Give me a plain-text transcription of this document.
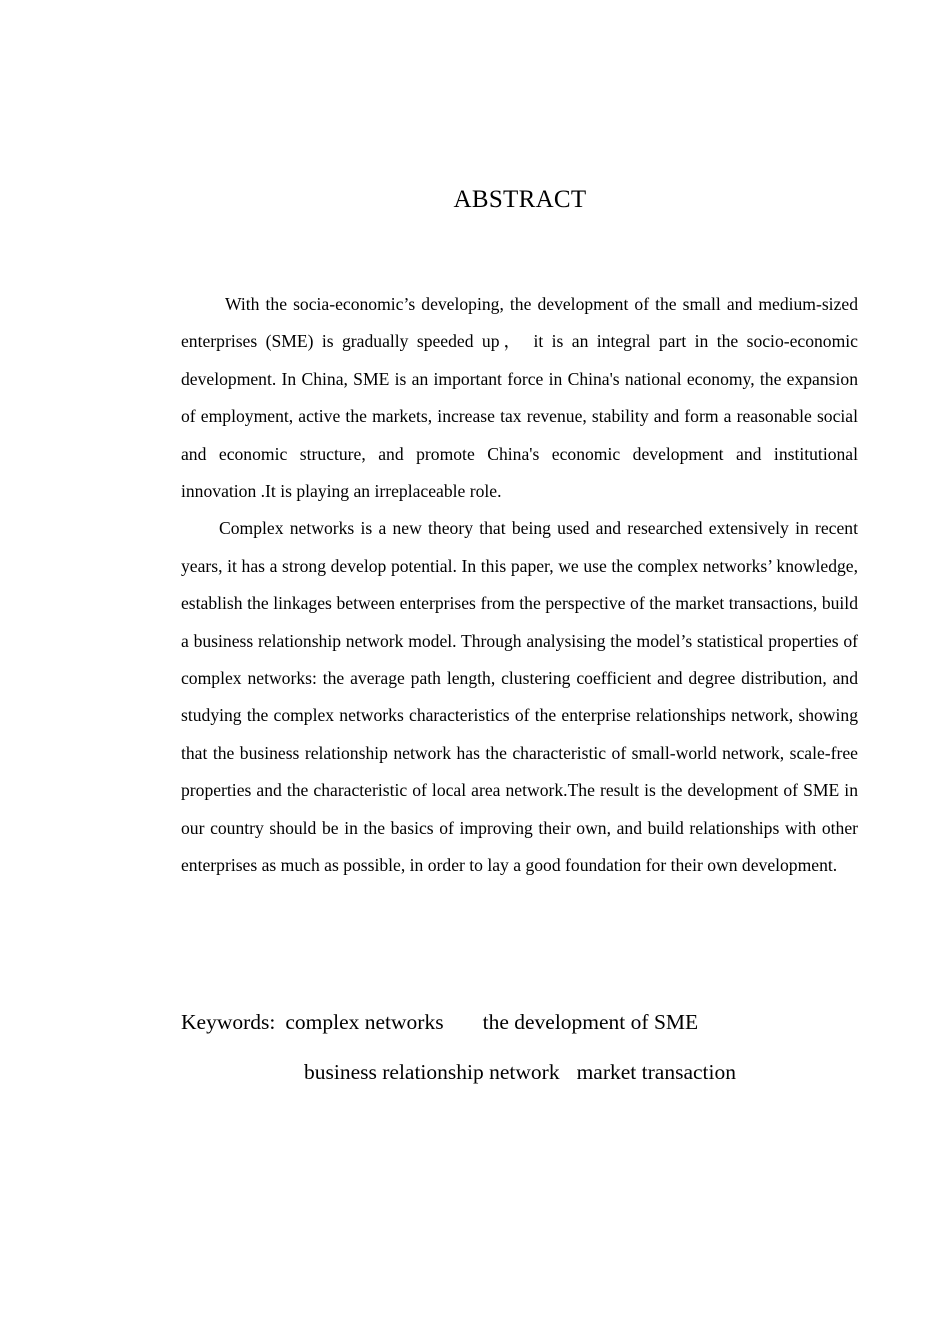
ABSTRACT

With the socia-economic’s developing, the development of the small and medium-sized enterprises (SME) is gradually speeded up， it is an integral part in the socio-economic development. In China, SME is an important force in China's national economy, the expansion of employment, active the markets, increase tax revenue, stability and form a reasonable social and economic structure, and promote China's economic development and institutional innovation .It is playing an irreplaceable role.

Complex networks is a new theory that being used and researched extensively in recent years, it has a strong develop potential. In this paper, we use the complex networks’ knowledge, establish the linkages between enterprises from the perspective of the market transactions, build a business relationship network model. Through analysising the model’s statistical properties of complex networks: the average path length, clustering coefficient and degree distribution, and studying the complex networks characteristics of the enterprise relationships network, showing that the business relationship network has the characteristic of small-world network, scale-free properties and the characteristic of local area network.The result is the development of SME in our country should be in the basics of improving their own, and build relationships with other enterprises as much as possible, in order to lay a good foundation for their own development.

Keywords: complex networks the development of SME
business relationship network market transaction
